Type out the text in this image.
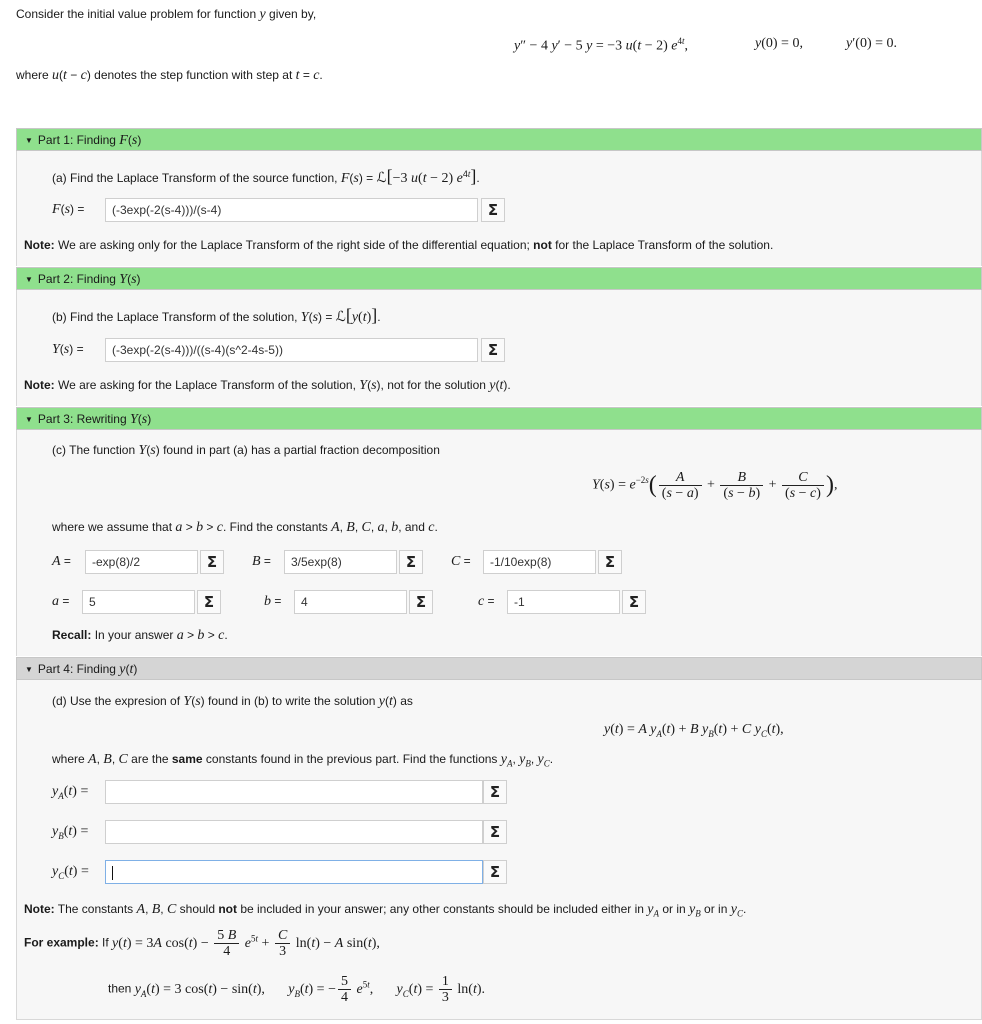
Consider the initial value problem for function y given by,
y″ − 4 y′ − 5 y = −3 u(t − 2) $e^{4t}$,	y(0) = 0,	y′(0) = 0.
where u(t − c) denotes the step function with step at t = c.
▼ Part 1: Finding F(s)
(a) Find the Laplace Transform of the source function, F(s) = ℒ[−3 u(t − 2) $e^{4t}$].
F(s) =	(-3exp(-2(s-4)))/(s-4)	Σ
Note: We are asking only for the Laplace Transform of the right side of the differential equation; not for the Laplace Transform of the solution.
▼ Part 2: Finding Y(s)
(b) Find the Laplace Transform of the solution, Y(s) = ℒ[y(t)].
Y(s) =	(-3exp(-2(s-4)))/((s-4)(s^2-4s-5))	Σ
Note: We are asking for the Laplace Transform of the solution, Y(s), not for the solution y(t).
▼ Part 3: Rewriting Y(s)
(c) The function Y(s) found in part (a) has a partial fraction decomposition
$Y(s) = e^{-2s}( \frac{A}{(s - a)} + \frac{B}{(s - b)} + \frac{C}{(s - c)}$ ),
where we assume that a > b > c. Find the constants A, B, C, a, b, and c.
A =	-exp(8)/2	Σ	B =	3/5exp(8)	Σ	C =	-1/10exp(8)	Σ
a =	5	Σ	b =	4	Σ	c =	-1	Σ
Recall: In your answer a > b > c.
▼ Part 4: Finding y(t)
(d) Use the expresion of Y(s) found in (b) to write the solution y(t) as
y(t) = A $y_A(t) + B$ $y_B(t) + C$ $y_C(t)$,
where A, B, C are the same constants found in the previous part. Find the functions $y_A$, $y_B$, $y_C$.
$y_A(t)$ =	Σ
$y_B(t)$ =	Σ
$y_C(t)$ =	Σ
Note: The constants A, B, C should not be included in your answer; any other constants should be included either in $y_A$ or in $y_B$ or in $y_C$.
For example: If y(t) = 3A $\cos(t) - \frac{5 B}{4} e^{5t} + \frac{C}{3} \ln(t) - A$ sin(t),
then $y_A(t) = 3$ cos(t) − sin(t), $y_B(t)$ = − $\frac{5}{4} e^{5t}$, $y_C(t) = \frac{1}{3} \ln(t)$.
